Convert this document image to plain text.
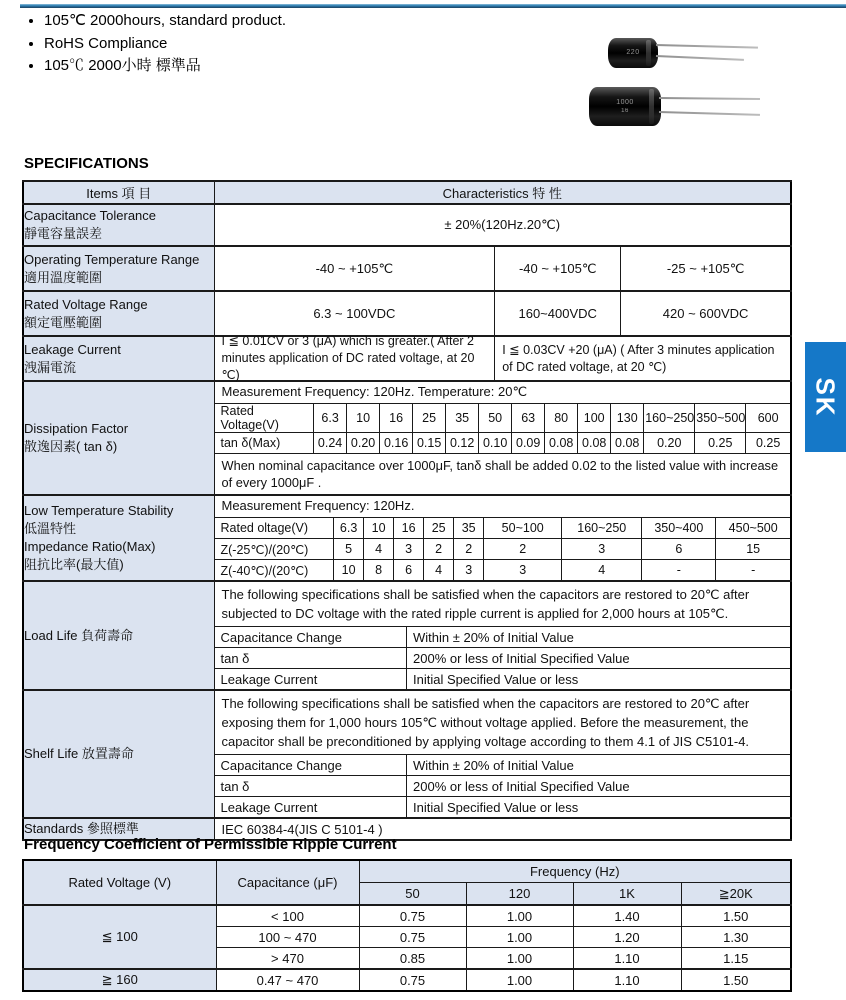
• 105℃ 2000hours, standard product.
• RoHS Compliance
• 105℃ 2000小時 標準品
220
1000
16
SPECIFICATIONS
Items 項 目	Characteristics 特 性

Capacitance Tolerance
靜電容量誤差
	± 20%(120Hz.20℃)

Operating Temperature Range
適用溫度範圍

-40 ~ +105℃	-40 ~ +105℃	-25 ~ +105℃

Rated Voltage Range
額定電壓範圍

6.3 ~ 100VDC	160~400VDC	420 ~ 600VDC

Leakage Current
洩漏電流

I ≦ 0.01CV or 3 (μA) which is greater.( After 2 minutes application of DC rated voltage, at 20 ℃)
I ≦ 0.03CV +20 (μA) ( After 3 minutes application of DC rated voltage, at 20 ℃)

Dissipation Factor
散逸因素( tan δ)

Measurement Frequency: 120Hz. Temperature: 20℃
Rated Voltage(V)	6.3	10	16	25	35	50	63	80	100	130	160~250	350~500	600
tan δ(Max)	0.24	0.20	0.16	0.15	0.12	0.10	0.09	0.08	0.08	0.08	0.20	0.25	0.25
When nominal capacitance over 1000μF, tanδ shall be added 0.02 to the listed value with increase of every 1000μF .

Low Temperature Stability
低溫特性
Impedance Ratio(Max)
阻抗比率(最大值)

Measurement Frequency: 120Hz.
Rated oltage(V)	6.3	10	16	25	35	50~100	160~250	350~400	450~500
Z(-25℃)/(20℃)	5	4	3	2	2	2	3	6	15
Z(-40℃)/(20℃)	10	8	6	4	3	3	4	-	-

Load Life 負荷壽命

The following specifications shall be satisfied when the capacitors are restored to 20℃ after subjected to DC voltage with the rated ripple current is applied for 2,000 hours at 105℃.
Capacitance Change	Within ± 20% of Initial Value
tan δ	200% or less of Initial Specified Value
Leakage Current	Initial Specified Value or less

Shelf Life 放置壽命

The following specifications shall be satisfied when the capacitors are restored to 20℃ after exposing them for 1,000 hours 105℃ without voltage applied. Before the measurement, the capacitor shall be preconditioned by applying voltage according to them 4.1 of JIS C5101-4.
Capacitance Change	Within ± 20% of Initial Value
tan δ	200% or less of Initial Specified Value
Leakage Current	Initial Specified Value or less

Standards 參照標準	IEC 60384-4(JIS C 5101-4 )
SK
Frequency Coefficient of Permissible Ripple Current
Rated Voltage (V)	Capacitance (μF)	Frequency (Hz)			
		50	120	1K	≧20K
≦ 100	< 100	0.75	1.00	1.40	1.50
	100 ~ 470	0.75	1.00	1.20	1.30
	> 470	0.85	1.00	1.10	1.15
≧ 160	0.47 ~ 470	0.75	1.00	1.10	1.50
